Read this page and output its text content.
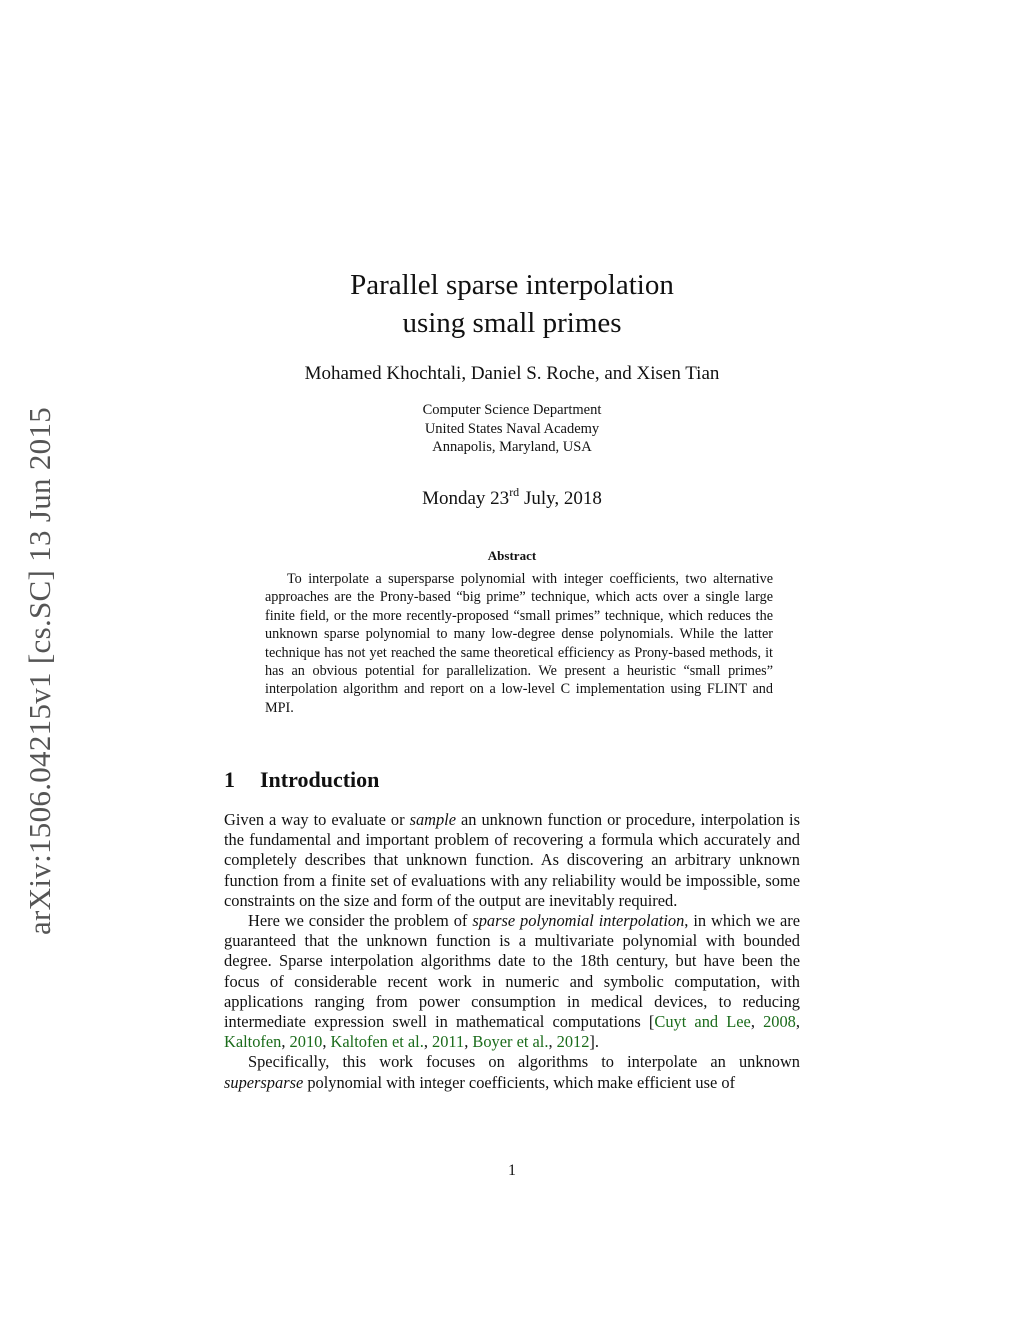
arXiv:1506.04215v1 [cs.SC] 13 Jun 2015
Parallel sparse interpolation
using small primes
Mohamed Khochtali, Daniel S. Roche, and Xisen Tian
Computer Science Department
United States Naval Academy
Annapolis, Maryland, USA
Monday 23rd July, 2018
Abstract
To interpolate a supersparse polynomial with integer coefficients, two alternative approaches are the Prony-based “big prime” technique, which acts over a single large finite field, or the more recently-proposed “small primes” technique, which reduces the unknown sparse polynomial to many low-degree dense polynomials. While the latter technique has not yet reached the same theoretical efficiency as Prony-based methods, it has an obvious potential for parallelization. We present a heuristic “small primes” interpolation algorithm and report on a low-level C implementation using FLINT and MPI.
1 Introduction

Given a way to evaluate or sample an unknown function or procedure, interpolation is the fundamental and important problem of recovering a formula which accurately and completely describes that unknown function. As discovering an arbitrary unknown function from a finite set of evaluations with any reliability would be impossible, some constraints on the size and form of the output are inevitably required.

Here we consider the problem of sparse polynomial interpolation, in which we are guaranteed that the unknown function is a multivariate polynomial with bounded degree. Sparse interpolation algorithms date to the 18th century, but have been the focus of considerable recent work in numeric and symbolic computation, with applications ranging from power consumption in medical devices, to reducing intermediate expression swell in mathematical computations [Cuyt and Lee, 2008, Kaltofen, 2010, Kaltofen et al., 2011, Boyer et al., 2012].

Specifically, this work focuses on algorithms to interpolate an unknown supersparse polynomial with integer coefficients, which make efficient use of

1
